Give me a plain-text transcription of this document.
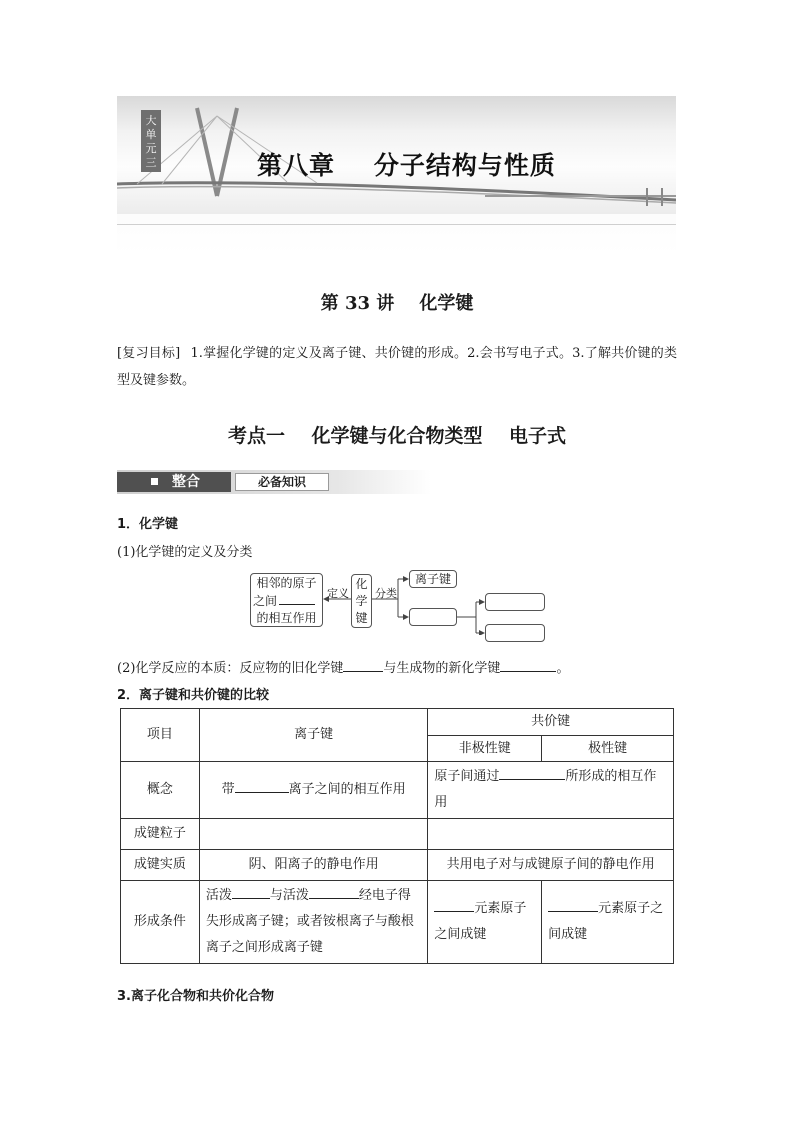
大单元三	第八章    分子结构与性质
第 33 讲    化学键
[复习目标] 1.掌握化学键的定义及离子键、共价键的形成。2.会书写电子式。3.了解共价键的类型及键参数。
考点一    化学键与化合物类型    电子式
整合	必备知识
1．化学键
(1)化学键的定义及分类
相邻的原子
之间
的相互作用
定义
化
学
键
分类
离子键
(2)化学反应的本质：反应物的旧化学键	与生成物的新化学键	。
2．离子键和共价键的比较
项目	离子键	共价键	
		非极性键	极性键
概念	带 离子之间的相互作用	原子间通过 所形成的相互作用	
成键粒子			
成键实质	阴、阳离子的静电作用	共用电子对与成键原子间的静电作用	
形成条件	活泼 与活泼 经电子得失形成离子键；或者铵根离子与酸根离子之间形成离子键	元素原子之间成键	元素原子之间成键
3.离子化合物和共价化合物
